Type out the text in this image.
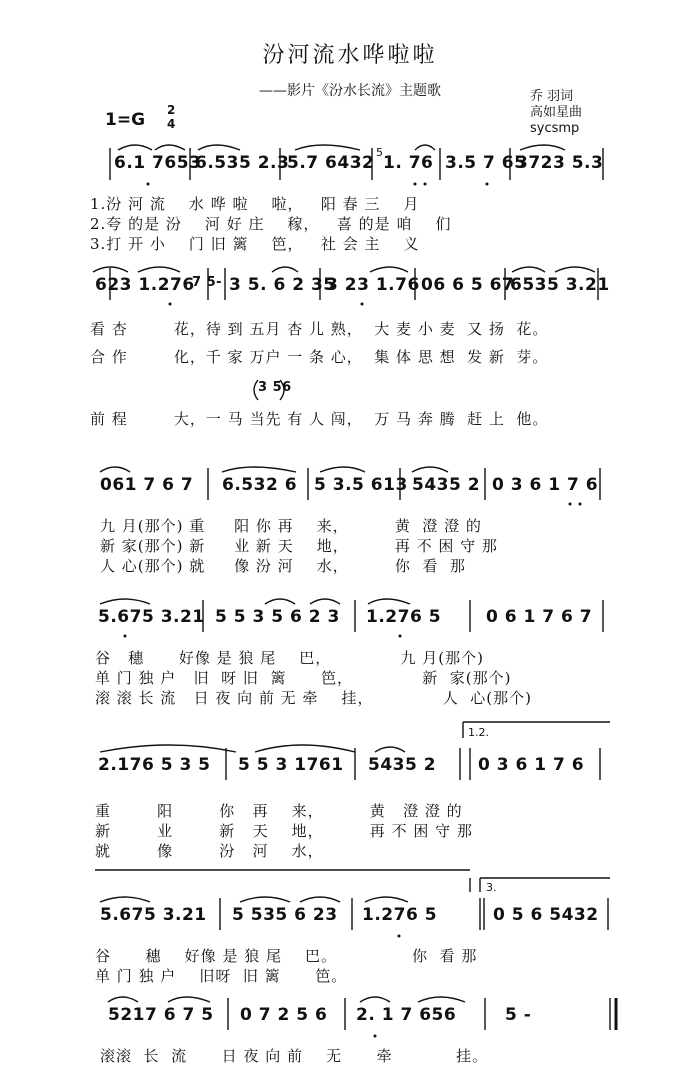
汾河流水哗啦啦
——影片《汾水长流》主题歌	乔 羽词
高如星曲
sycsmp
1=G 2
4
6.1 7653
6.535 2.3
5.7 6432
5
1. 76 3.5 7 65
3723 5.3
1.汾 河 流    水 哗 啦    啦，   阳 春 三    月
2.夸 的是 汾    河 好 庄    稼，   喜 的是 咱    们
3.打 开 小    门 旧 篱    笆，   社 会 主    义
623 1.276
7 5- 3 5. 6 2 35
3 23 1.76 06 6 5 67
6535 3.21
看 杏        花，待 到 五月 杏 儿 熟，  大 麦 小 麦  又 扬  花。
合 作        化，千 家 万户 一 条 心，  集 体 思 想  发 新  芽。
3 56
前 程        大，一 马 当先 有 人 闯，  万 马 奔 腾  赶 上  他。
061 7 6 7 6.532 6 5 3.5 613 5435 2 0 3 6 1 7 6
九 月(那个) 重     阳 你 再    来，        黄  澄 澄 的
新 家(那个) 新     业 新 天    地，        再 不 困 守 那
人 心(那个) 就     像 汾 河    水，        你  看  那
5.675 3.21 5 5 3 5 6 2 3 1.276 5	0 6 1 7 6 7
谷   穗      好像 是 狼 尾    巴，            九 月(那个)
单 门 独 户   旧  呀 旧  篱      笆，            新  家(那个)
滚 滚 长 流   日 夜 向 前 无 牵    挂，            人  心(那个)
1.2.
2.176 5 3 5 5 5 3 1761 5435 2 0 3 6 1 7 6
重        阳        你   再    来，        黄   澄 澄 的
新        业        新   天    地，        再 不 困 守 那
就        像        汾   河    水，
3.
5.675 3.21 5 535 6 23 1.276 5	0 5 6 5432
谷      穗    好像 是 狼 尾    巴。             你  看 那
单 门 独 户    旧呀  旧 篱      笆。
5217 6 7 5 0 7 2 5 6 2. 1 7 656	5 -
滚滚  长  流      日 夜 向 前    无      牵           挂。
